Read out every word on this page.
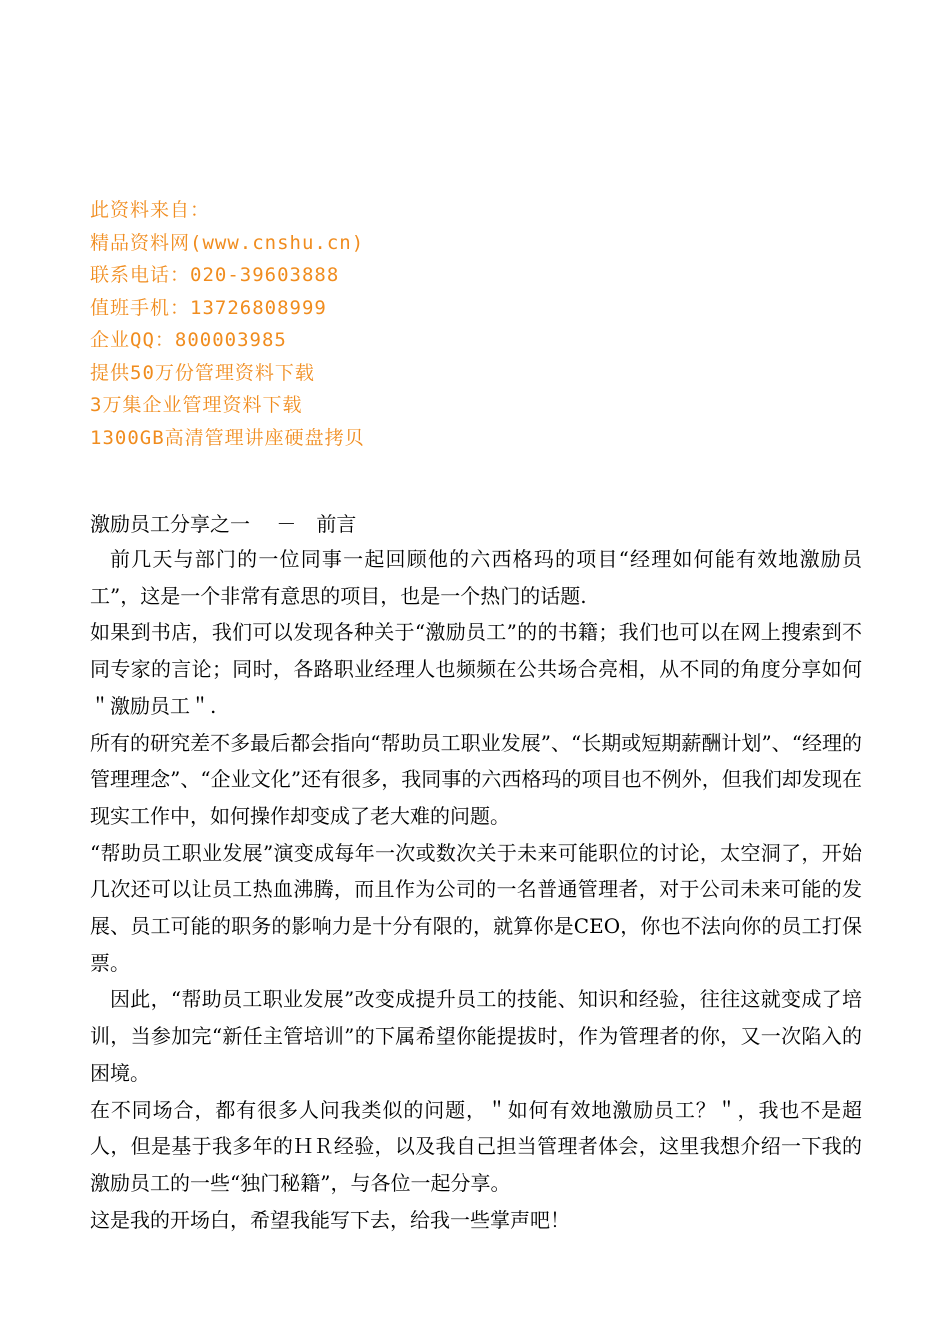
此资料来自：
精品资料网(www.cnshu.cn)
联系电话：020-39603888
值班手机：13726808999
企业QQ：800003985
提供50万份管理资料下载
3万集企业管理资料下载
1300GB高清管理讲座硬盘拷贝
激励员工分享之一　 －　前言

前几天与部门的一位同事一起回顾他的六西格玛的项目“经理如何能有效地激励员工”，这是一个非常有意思的项目，也是一个热门的话题.

如果到书店，我们可以发现各种关于“激励员工”的的书籍；我们也可以在网上搜索到不同专家的言论；同时，各路职业经理人也频频在公共场合亮相，从不同的角度分享如何＂激励员工＂.

所有的研究差不多最后都会指向“帮助员工职业发展”、“长期或短期薪酬计划”、“经理的管理理念”、“企业文化”还有很多，我同事的六西格玛的项目也不例外，但我们却发现在现实工作中，如何操作却变成了老大难的问题。

“帮助员工职业发展”演变成每年一次或数次关于未来可能职位的讨论，太空洞了，开始几次还可以让员工热血沸腾，而且作为公司的一名普通管理者，对于公司未来可能的发展、员工可能的职务的影响力是十分有限的，就算你是CEO，你也不法向你的员工打保票。

因此，“帮助员工职业发展”改变成提升员工的技能、知识和经验，往往这就变成了培训，当参加完“新任主管培训”的下属希望你能提拔时，作为管理者的你，又一次陷入的困境。

在不同场合，都有很多人问我类似的问题，＂如何有效地激励员工？＂，我也不是超人，但是基于我多年的ＨＲ经验，以及我自己担当管理者体会，这里我想介绍一下我的激励员工的一些“独门秘籍”，与各位一起分享。

这是我的开场白，希望我能写下去，给我一些掌声吧！
